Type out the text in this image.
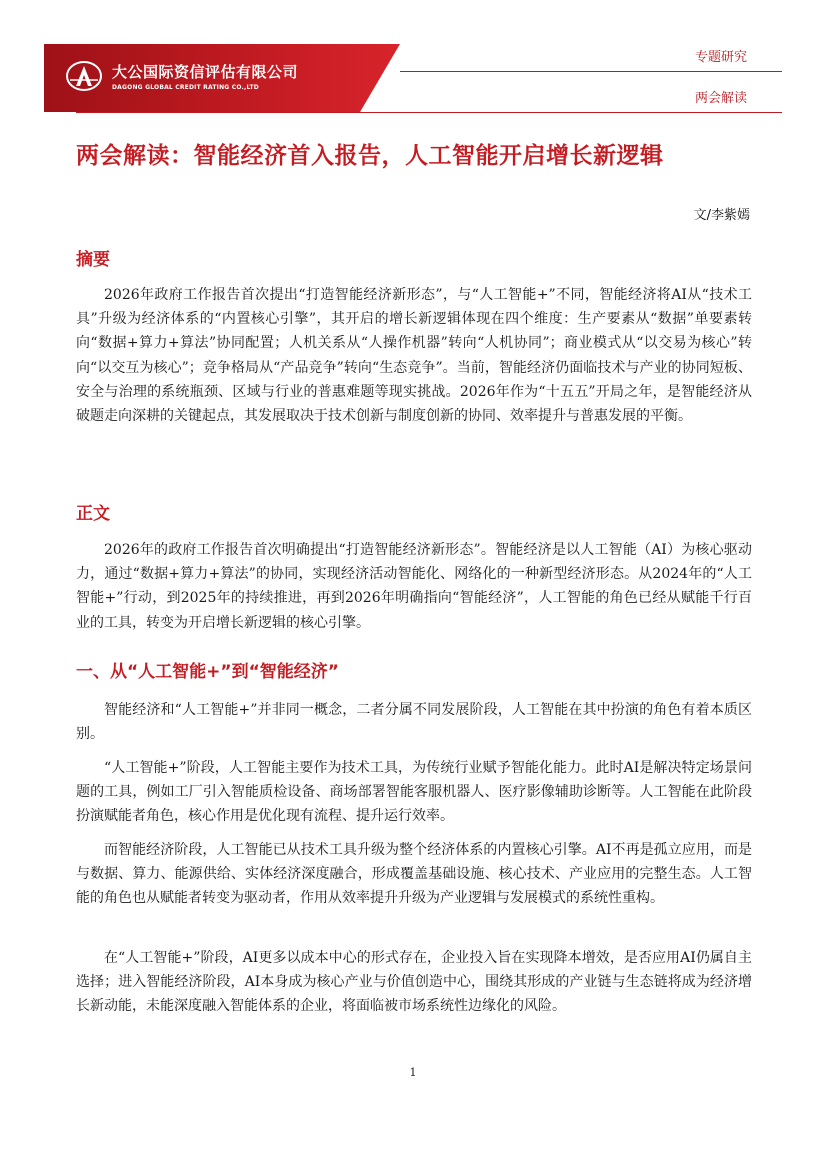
大公国际资信评估有限公司
DAGONG GLOBAL CREDIT RATING CO.,LTD
专题研究
两会解读
两会解读：智能经济首入报告，人工智能开启增长新逻辑
文/李紫嫣
摘要
2026年政府工作报告首次提出“打造智能经济新形态”，与“人工智能+”不同，智能经济将AI从“技术工具”升级为经济体系的“内置核心引擎”，其开启的增长新逻辑体现在四个维度：生产要素从“数据”单要素转向“数据+算力+算法”协同配置；人机关系从“人操作机器”转向“人机协同”；商业模式从“以交易为核心”转向“以交互为核心”；竞争格局从“产品竞争”转向“生态竞争”。当前，智能经济仍面临技术与产业的协同短板、安全与治理的系统瓶颈、区域与行业的普惠难题等现实挑战。2026年作为“十五五”开局之年，是智能经济从破题走向深耕的关键起点，其发展取决于技术创新与制度创新的协同、效率提升与普惠发展的平衡。
正文
2026年的政府工作报告首次明确提出“打造智能经济新形态”。智能经济是以人工智能（AI）为核心驱动力，通过“数据+算力+算法”的协同，实现经济活动智能化、网络化的一种新型经济形态。从2024年的“人工智能+”行动，到2025年的持续推进，再到2026年明确指向“智能经济”，人工智能的角色已经从赋能千行百业的工具，转变为开启增长新逻辑的核心引擎。
一、从“人工智能+”到“智能经济”
智能经济和“人工智能+”并非同一概念，二者分属不同发展阶段，人工智能在其中扮演的角色有着本质区别。
“人工智能+”阶段，人工智能主要作为技术工具，为传统行业赋予智能化能力。此时AI是解决特定场景问题的工具，例如工厂引入智能质检设备、商场部署智能客服机器人、医疗影像辅助诊断等。人工智能在此阶段扮演赋能者角色，核心作用是优化现有流程、提升运行效率。
而智能经济阶段，人工智能已从技术工具升级为整个经济体系的内置核心引擎。AI不再是孤立应用，而是与数据、算力、能源供给、实体经济深度融合，形成覆盖基础设施、核心技术、产业应用的完整生态。人工智能的角色也从赋能者转变为驱动者，作用从效率提升升级为产业逻辑与发展模式的系统性重构。
在“人工智能+”阶段，AI更多以成本中心的形式存在，企业投入旨在实现降本增效，是否应用AI仍属自主选择；进入智能经济阶段，AI本身成为核心产业与价值创造中心，围绕其形成的产业链与生态链将成为经济增长新动能，未能深度融入智能体系的企业，将面临被市场系统性边缘化的风险。
1
